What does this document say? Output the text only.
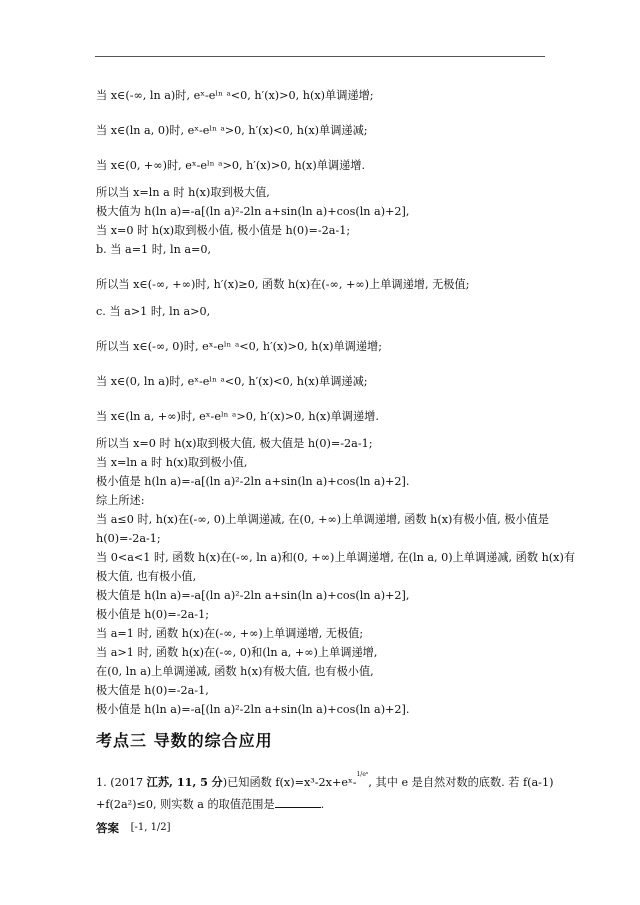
当 x∈(-∞, ln a)时, eˣ-eˡⁿ ᵃ<0, h′(x)>0, h(x)单调递增;
当 x∈(ln a, 0)时, eˣ-eˡⁿ ᵃ>0, h′(x)<0, h(x)单调递减;
当 x∈(0, +∞)时, eˣ-eˡⁿ ᵃ>0, h′(x)>0, h(x)单调递增.
所以当 x=ln a 时 h(x)取到极大值,
极大值为 h(ln a)=-a[(ln a)²-2ln a+sin(ln a)+cos(ln a)+2],
当 x=0 时 h(x)取到极小值, 极小值是 h(0)=-2a-1;
b. 当 a=1 时, ln a=0,
所以当 x∈(-∞, +∞)时, h′(x)≥0, 函数 h(x)在(-∞, +∞)上单调递增, 无极值;
c. 当 a>1 时, ln a>0,
所以当 x∈(-∞, 0)时, eˣ-eˡⁿ ᵃ<0, h′(x)>0, h(x)单调递增;
当 x∈(0, ln a)时, eˣ-eˡⁿ ᵃ<0, h′(x)<0, h(x)单调递减;
当 x∈(ln a, +∞)时, eˣ-eˡⁿ ᵃ>0, h′(x)>0, h(x)单调递增.
所以当 x=0 时 h(x)取到极大值, 极大值是 h(0)=-2a-1;
当 x=ln a 时 h(x)取到极小值,
极小值是 h(ln a)=-a[(ln a)²-2ln a+sin(ln a)+cos(ln a)+2].
综上所述:
当 a≤0 时, h(x)在(-∞, 0)上单调递减, 在(0, +∞)上单调递增, 函数 h(x)有极小值, 极小值是
h(0)=-2a-1;
当 0<a<1 时, 函数 h(x)在(-∞, ln a)和(0, +∞)上单调递增, 在(ln a, 0)上单调递减, 函数 h(x)有
极大值, 也有极小值,
极大值是 h(ln a)=-a[(ln a)²-2ln a+sin(ln a)+cos(ln a)+2],
极小值是 h(0)=-2a-1;
当 a=1 时, 函数 h(x)在(-∞, +∞)上单调递增, 无极值;
当 a>1 时, 函数 h(x)在(-∞, 0)和(ln a, +∞)上单调递增,
在(0, ln a)上单调递减, 函数 h(x)有极大值, 也有极小值,
极大值是 h(0)=-2a-1,
极小值是 h(ln a)=-a[(ln a)²-2ln a+sin(ln a)+cos(ln a)+2].
考点三 导数的综合应用
1. (2017 江苏, 11, 5 分)已知函数 f(x)=x³-2x+eˣ-$^{1/eˣ}$, 其中 e 是自然对数的底数. 若 f(a-1)
+f(2a²)≤0, 则实数 a 的取值范围是	.
答案 [-1, 1/2]
